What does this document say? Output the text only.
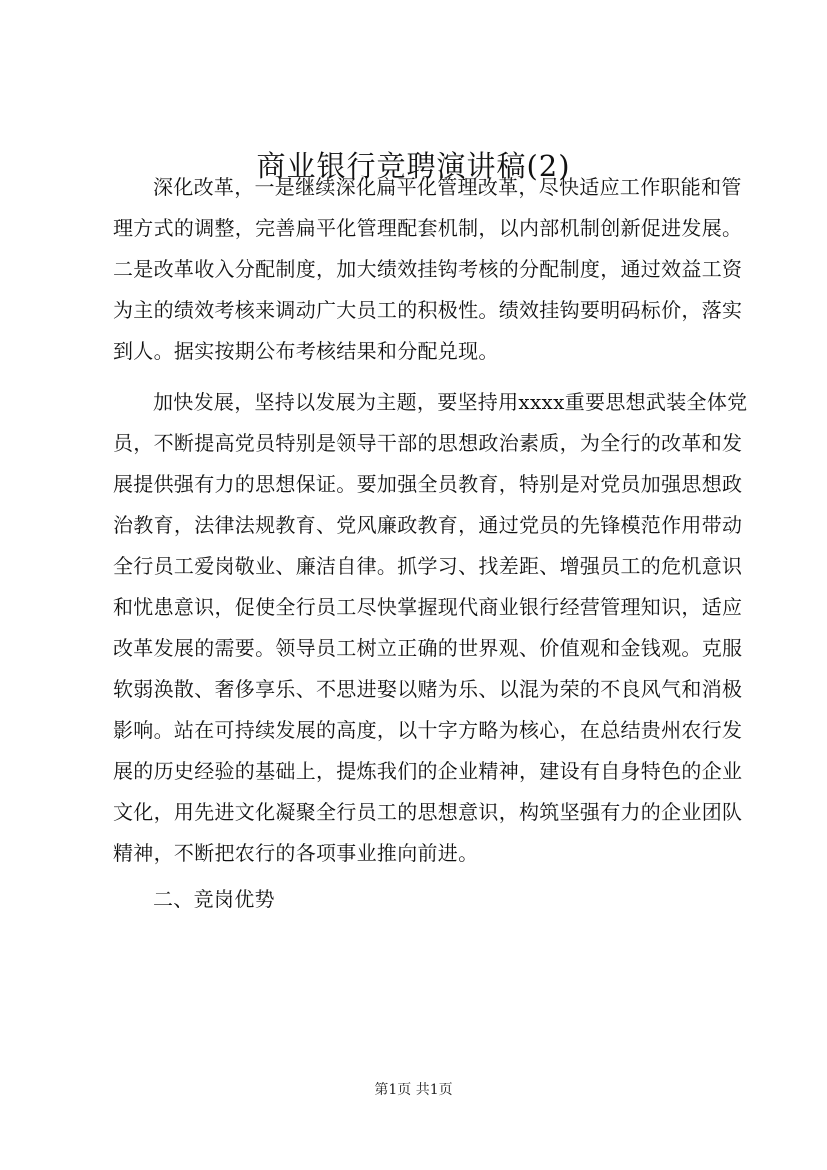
商业银行竞聘演讲稿(2)

深化改革，一是继续深化扁平化管理改革，尽快适应工作职能和管理方式的调整，完善扁平化管理配套机制，以内部机制创新促进发展。二是改革收入分配制度，加大绩效挂钩考核的分配制度，通过效益工资为主的绩效考核来调动广大员工的积极性。绩效挂钩要明码标价，落实到人。据实按期公布考核结果和分配兑现。

加快发展，坚持以发展为主题，要坚持用xxxx重要思想武装全体党员，不断提高党员特别是领导干部的思想政治素质，为全行的改革和发展提供强有力的思想保证。要加强全员教育，特别是对党员加强思想政治教育，法律法规教育、党风廉政教育，通过党员的先锋模范作用带动全行员工爱岗敬业、廉洁自律。抓学习、找差距、增强员工的危机意识和忧患意识，促使全行员工尽快掌握现代商业银行经营管理知识，适应改革发展的需要。领导员工树立正确的世界观、价值观和金钱观。克服软弱涣散、奢侈享乐、不思进娶以赌为乐、以混为荣的不良风气和消极影响。站在可持续发展的高度，以十字方略为核心，在总结贵州农行发展的历史经验的基础上，提炼我们的企业精神，建设有自身特色的企业文化，用先进文化凝聚全行员工的思想意识，构筑坚强有力的企业团队精神，不断把农行的各项事业推向前进。

二、竞岗优势

第1页 共1页
